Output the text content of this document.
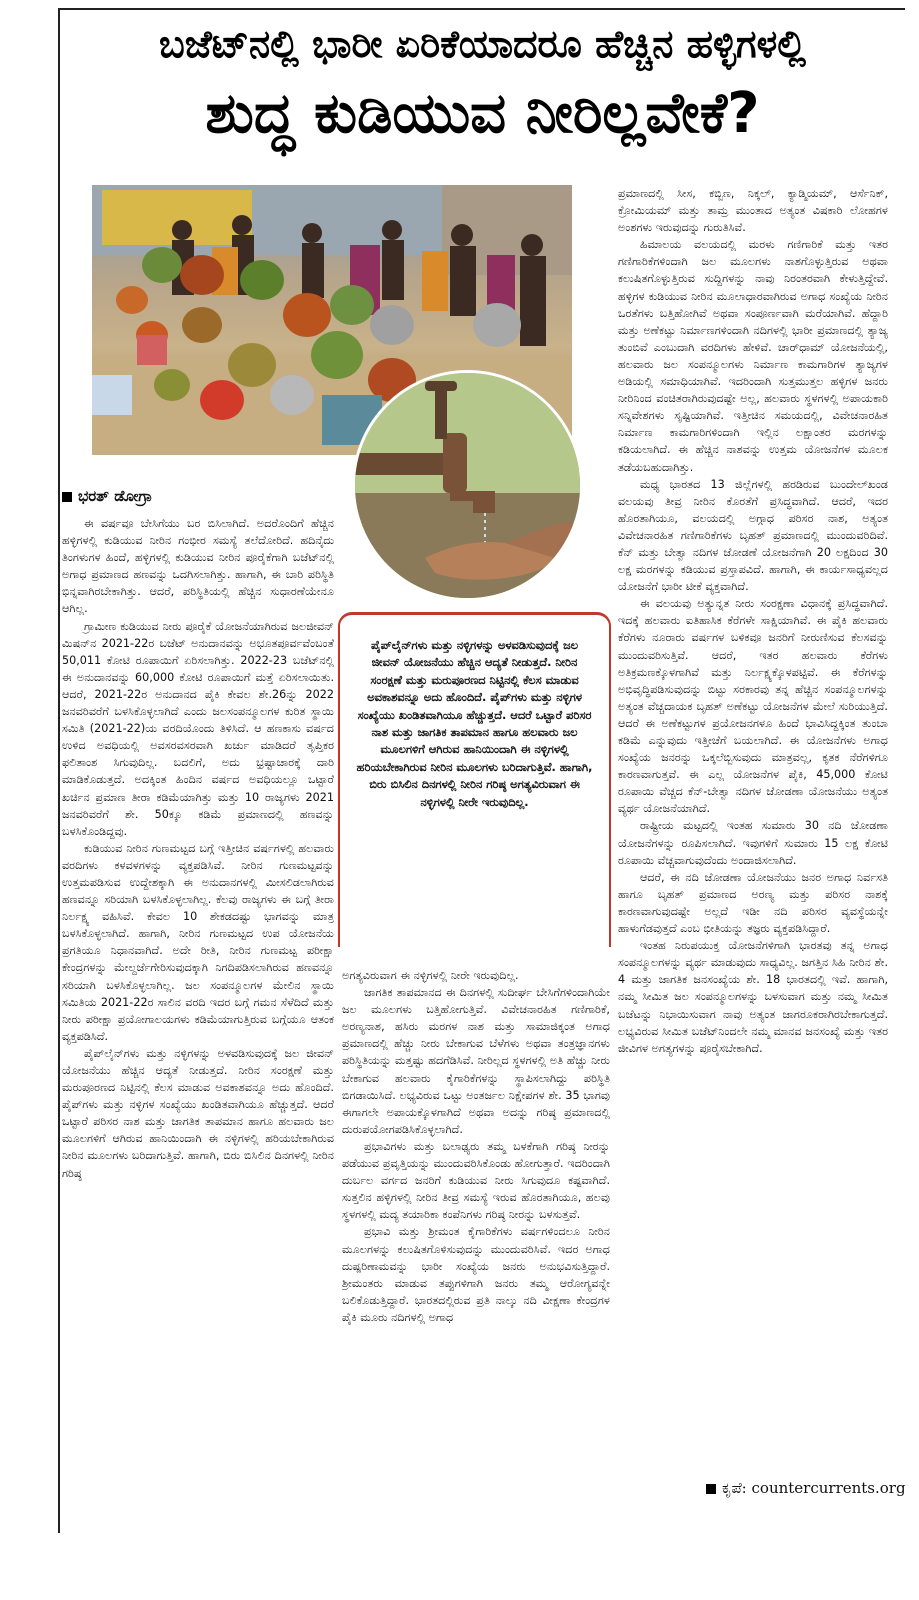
ಬಜೆಟ್‌ನಲ್ಲಿ ಭಾರೀ ಏರಿಕೆಯಾದರೂ ಹೆಚ್ಚಿನ ಹಳ್ಳಿಗಳಲ್ಲಿ
ಶುದ್ಧ ಕುಡಿಯುವ ನೀರಿಲ್ಲವೇಕೆ?
ಭರತ್ ಡೋಗ್ರಾ

ಈ ವರ್ಷವೂ ಬೇಸಿಗೆಯು ಬರ ಬಿಸಿಲಾಗಿದೆ. ಅದರೊಂದಿಗೆ ಹೆಚ್ಚಿನ ಹಳ್ಳಿಗಳಲ್ಲಿ ಕುಡಿಯುವ ನೀರಿನ ಗಂಭೀರ ಸಮಸ್ಯೆ ತಲೆದೋರಿದೆ. ಹದಿನೈದು ತಿಂಗಳುಗಳ ಹಿಂದೆ, ಹಳ್ಳಿಗಳಲ್ಲಿ ಕುಡಿಯುವ ನೀರಿನ ಪೂರೈಕೆಗಾಗಿ ಬಜೆಟ್‌ನಲ್ಲಿ ಅಗಾಧ ಪ್ರಮಾಣದ ಹಣವನ್ನು ಒದಗಿಸಲಾಗಿತ್ತು. ಹಾಗಾಗಿ, ಈ ಬಾರಿ ಪರಿಸ್ಥಿತಿ ಭಿನ್ನವಾಗಿರಬೇಕಾಗಿತ್ತು. ಆದರೆ, ಪರಿಸ್ಥಿತಿಯಲ್ಲಿ ಹೆಚ್ಚಿನ ಸುಧಾರಣೆಯೇನೂ ಆಗಿಲ್ಲ.

ಗ್ರಾಮೀಣ ಕುಡಿಯುವ ನೀರು ಪೂರೈಕೆ ಯೋಜನೆಯಾಗಿರುವ ಜಲಜೀವನ್ ಮಿಷನ್‌ನ 2021-22ರ ಬಜೆಟ್ ಅನುದಾನವನ್ನು ಅಭೂತಪೂರ್ವವೆಂಬಂತೆ 50,011 ಕೋಟಿ ರೂಪಾಯಿಗೆ ಏರಿಸಲಾಗಿತ್ತು. 2022-23 ಬಜೆಟ್‌ನಲ್ಲಿ ಈ ಅನುದಾನವನ್ನು 60,000 ಕೋಟಿ ರೂಪಾಯಿಗೆ ಮತ್ತೆ ಏರಿಸಲಾಯಿತು. ಆದರೆ, 2021-22ರ ಅನುದಾನದ ಪೈಕಿ ಕೇವಲ ಶೇ.26ನ್ನು 2022 ಜನವರಿವರೆಗೆ ಬಳಸಿಕೊಳ್ಳಲಾಗಿದೆ ಎಂದು ಜಲಸಂಪನ್ಮೂಲಗಳ ಕುರಿತ ಸ್ಥಾಯಿ ಸಮಿತಿ (2021-22)ಯ ವರದಿಯೊಂದು ತಿಳಿಸಿದೆ. ಆ ಹಣಕಾಸು ವರ್ಷದ ಉಳಿದ ಅವಧಿಯಲ್ಲಿ ಅವಸರವಸರವಾಗಿ ಖರ್ಚು ಮಾಡಿದರೆ ತೃಪ್ತಿಕರ ಫಲಿತಾಂಶ ಸಿಗುವುದಿಲ್ಲ. ಬದಲಿಗೆ, ಅದು ಭ್ರಷ್ಟಾಚಾರಕ್ಕೆ ದಾರಿ ಮಾಡಿಕೊಡುತ್ತದೆ. ಅದಕ್ಕಿಂತ ಹಿಂದಿನ ವರ್ಷದ ಅವಧಿಯಲ್ಲೂ ಒಟ್ಟಾರೆ ಖರ್ಚಿನ ಪ್ರಮಾಣ ತೀರಾ ಕಡಿಮೆಯಾಗಿತ್ತು ಮತ್ತು 10 ರಾಜ್ಯಗಳು 2021 ಜನವರಿವರೆಗೆ ಶೇ. 50ಕ್ಕೂ ಕಡಿಮೆ ಪ್ರಮಾಣದಲ್ಲಿ ಹಣವನ್ನು ಬಳಸಿಕೊಂಡಿದ್ದವು.

ಕುಡಿಯುವ ನೀರಿನ ಗುಣಮಟ್ಟದ ಬಗ್ಗೆ ಇತ್ತೀಚಿನ ವರ್ಷಗಳಲ್ಲಿ ಹಲವಾರು ವರದಿಗಳು ಕಳವಳಗಳನ್ನು ವ್ಯಕ್ತಪಡಿಸಿವೆ. ನೀರಿನ ಗುಣಮಟ್ಟವನ್ನು ಉತ್ತಮಪಡಿಸುವ ಉದ್ದೇಶಕ್ಕಾಗಿ ಈ ಅನುದಾನಗಳಲ್ಲಿ ಮೀಸಲಿಡಲಾಗಿರುವ ಹಣವನ್ನೂ ಸರಿಯಾಗಿ ಬಳಸಿಕೊಳ್ಳಲಾಗಿಲ್ಲ. ಕೆಲವು ರಾಜ್ಯಗಳು ಈ ಬಗ್ಗೆ ತೀರಾ ನಿರ್ಲಕ್ಷ್ಯ ವಹಿಸಿವೆ. ಕೇವಲ 10 ಶೇಕಡದಷ್ಟು ಭಾಗವನ್ನು ಮಾತ್ರ ಬಳಸಿಕೊಳ್ಳಲಾಗಿದೆ. ಹಾಗಾಗಿ, ನೀರಿನ ಗುಣಮಟ್ಟದ ಉಪ ಯೋಜನೆಯ ಪ್ರಗತಿಯೂ ನಿಧಾನವಾಗಿದೆ. ಅದೇ ರೀತಿ, ನೀರಿನ ಗುಣಮಟ್ಟ ಪರೀಕ್ಷಾ ಕೇಂದ್ರಗಳನ್ನು ಮೇಲ್ದರ್ಜೆಗೇರಿಸುವುದಕ್ಕಾಗಿ ನಿಗದಿಪಡಿಸಲಾಗಿರುವ ಹಣವನ್ನೂ ಸರಿಯಾಗಿ ಬಳಸಿಕೊಳ್ಳಲಾಗಿಲ್ಲ. ಜಲ ಸಂಪನ್ಮೂಲಗಳ ಮೇಲಿನ ಸ್ಥಾಯಿ ಸಮಿತಿಯ 2021-22ರ ಸಾಲಿನ ವರದಿ ಇದರ ಬಗ್ಗೆ ಗಮನ ಸೆಳೆದಿದೆ ಮತ್ತು ನೀರು ಪರೀಕ್ಷಾ ಪ್ರಯೋಗಾಲಯಗಳು ಕಡಿಮೆಯಾಗುತ್ತಿರುವ ಬಗ್ಗೆಯೂ ಆತಂಕ ವ್ಯಕ್ತಪಡಿಸಿದೆ.

ಪೈಪ್‌ಲೈನ್‌ಗಳು ಮತ್ತು ನಳ್ಳಿಗಳನ್ನು ಅಳವಡಿಸುವುದಕ್ಕೆ ಜಲ ಜೀವನ್ ಯೋಜನೆಯು ಹೆಚ್ಚಿನ ಆದ್ಯತೆ ನೀಡುತ್ತದೆ. ನೀರಿನ ಸಂರಕ್ಷಣೆ ಮತ್ತು ಮರುಪೂರಣದ ನಿಟ್ಟಿನಲ್ಲಿ ಕೆಲಸ ಮಾಡುವ ಅವಕಾಶವನ್ನೂ ಅದು ಹೊಂದಿದೆ. ಪೈಪ್‌ಗಳು ಮತ್ತು ನಳ್ಳಿಗಳ ಸಂಖ್ಯೆಯು ಖಂಡಿತವಾಗಿಯೂ ಹೆಚ್ಚುತ್ತದೆ. ಆದರೆ ಒಟ್ಟಾರೆ ಪರಿಸರ ನಾಶ ಮತ್ತು ಜಾಗತಿಕ ತಾಪಮಾನ ಹಾಗೂ ಹಲವಾರು ಜಲ ಮೂಲಗಳಿಗೆ ಆಗಿರುವ ಹಾನಿಯಿಂದಾಗಿ ಈ ನಳ್ಳಿಗಳಲ್ಲಿ ಹರಿಯಬೇಕಾಗಿರುವ ನೀರಿನ ಮೂಲಗಳು ಬರಿದಾಗುತ್ತಿವೆ. ಹಾಗಾಗಿ, ಬಿರು ಬಿಸಿಲಿನ ದಿನಗಳಲ್ಲಿ ನೀರಿನ ಗರಿಷ್ಠ

ಪೈಪ್‌ಲೈನ್‌ಗಳು ಮತ್ತು ನಳ್ಳಿಗಳನ್ನು ಅಳವಡಿಸುವುದಕ್ಕೆ ಜಲ ಜೀವನ್ ಯೋಜನೆಯು ಹೆಚ್ಚಿನ ಆದ್ಯತೆ ನೀಡುತ್ತದೆ. ನೀರಿನ ಸಂರಕ್ಷಣೆ ಮತ್ತು ಮರುಪೂರಣದ ನಿಟ್ಟಿನಲ್ಲಿ ಕೆಲಸ ಮಾಡುವ ಅವಕಾಶವನ್ನೂ ಅದು ಹೊಂದಿದೆ. ಪೈಪ್‌ಗಳು ಮತ್ತು ನಳ್ಳಿಗಳ ಸಂಖ್ಯೆಯು ಖಂಡಿತವಾಗಿಯೂ ಹೆಚ್ಚುತ್ತದೆ. ಆದರೆ ಒಟ್ಟಾರೆ ಪರಿಸರ ನಾಶ ಮತ್ತು ಜಾಗತಿಕ ತಾಪಮಾನ ಹಾಗೂ ಹಲವಾರು ಜಲ ಮೂಲಗಳಿಗೆ ಆಗಿರುವ ಹಾನಿಯಿಂದಾಗಿ ಈ ನಳ್ಳಿಗಳಲ್ಲಿ ಹರಿಯಬೇಕಾಗಿರುವ ನೀರಿನ ಮೂಲಗಳು ಬರಿದಾಗುತ್ತಿವೆ. ಹಾಗಾಗಿ, ಬಿರು ಬಿಸಿಲಿನ ದಿನಗಳಲ್ಲಿ ನೀರಿನ ಗರಿಷ್ಠ ಅಗತ್ಯವಿರುವಾಗ ಈ ನಳ್ಳಿಗಳಲ್ಲಿ ನೀರೇ ಇರುವುದಿಲ್ಲ.

ಅಗತ್ಯವಿರುವಾಗ ಈ ನಳ್ಳಿಗಳಲ್ಲಿ ನೀರೇ ಇರುವುದಿಲ್ಲ.

ಜಾಗತಿಕ ತಾಪಮಾನದ ಈ ದಿನಗಳಲ್ಲಿ ಸುದೀರ್ಘ ಬೇಸಿಗೆಗಳಿಂದಾಗಿಯೇ ಜಲ ಮೂಲಗಳು ಬತ್ತಿಹೋಗುತ್ತಿವೆ. ವಿವೇಚನಾರಹಿತ ಗಣಿಗಾರಿಕೆ, ಅರಣ್ಯನಾಶ, ಹಸಿರು ಮರಗಳ ನಾಶ ಮತ್ತು ಸಾಮಾಜಿಕ್ಕಂತ ಅಗಾಧ ಪ್ರಮಾಣದಲ್ಲಿ ಹೆಚ್ಚು ನೀರು ಬೇಕಾಗುವ ಬೆಳೆಗಳು ಅಥವಾ ತಂತ್ರಜ್ಞಾನಗಳು ಪರಿಸ್ಥಿತಿಯನ್ನು ಮತ್ತಷ್ಟು ಹದಗೆಡಿಸಿವೆ. ನೀರಿಲ್ಲದ ಸ್ಥಳಗಳಲ್ಲಿ ಅತಿ ಹೆಚ್ಚು ನೀರು ಬೇಕಾಗುವ ಹಲವಾರು ಕೈಗಾರಿಕೆಗಳನ್ನು ಸ್ಥಾಪಿಸಲಾಗಿದ್ದು ಪರಿಸ್ಥಿತಿ ಬಿಗಡಾಯಿಸಿದೆ. ಲಭ್ಯವಿರುವ ಒಟ್ಟು ಅಂತರ್ಜಲ ನಿಕ್ಷೇಪಗಳ ಶೇ. 35 ಭಾಗವು ಈಗಾಗಲೇ ಅಪಾಯಕ್ಕೊಳಗಾಗಿದೆ ಅಥವಾ ಅದನ್ನು ಗರಿಷ್ಠ ಪ್ರಮಾಣದಲ್ಲಿ ದುರುಪಯೋಗಪಡಿಸಿಕೊಳ್ಳಲಾಗಿದೆ.

ಪ್ರಭಾವಿಗಳು ಮತ್ತು ಬಲಾಢ್ಯರು ತಮ್ಮ ಬಳಕೆಗಾಗಿ ಗರಿಷ್ಠ ನೀರನ್ನು ಪಡೆಯುವ ಪ್ರವೃತ್ತಿಯನ್ನು ಮುಂದುವರಿಸಿಕೊಂಡು ಹೋಗುತ್ತಾರೆ. ಇದರಿಂದಾಗಿ ದುರ್ಬಲ ವರ್ಗದ ಜನರಿಗೆ ಕುಡಿಯುವ ನೀರು ಸಿಗುವುದೂ ಕಷ್ಟವಾಗಿದೆ. ಸುತ್ತಲಿನ ಹಳ್ಳಿಗಳಲ್ಲಿ ನೀರಿನ ತೀವ್ರ ಸಮಸ್ಯೆ ಇರುವ ಹೊರತಾಗಿಯೂ, ಹಲವು ಸ್ಥಳಗಳಲ್ಲಿ ಮದ್ಯ ತಯಾರಿಕಾ ಕಂಪೆನಿಗಳು ಗರಿಷ್ಠ ನೀರನ್ನು ಬಳಸುತ್ತವೆ.

ಪ್ರಭಾವಿ ಮತ್ತು ಶ್ರೀಮಂತ ಕೈಗಾರಿಕೆಗಳು ವರ್ಷಗಳಿಂದಲೂ ನೀರಿನ ಮೂಲಗಳನ್ನು ಕಲುಷಿತಗೊಳಿಸುವುದನ್ನು ಮುಂದುವರಿಸಿವೆ. ಇದರ ಅಗಾಧ ದುಷ್ಪರಿಣಾಮವನ್ನು ಭಾರೀ ಸಂಖ್ಯೆಯ ಜನರು ಅನುಭವಿಸುತ್ತಿದ್ದಾರೆ. ಶ್ರೀಮಂತರು ಮಾಡುವ ತಪ್ಪುಗಳಿಗಾಗಿ ಜನರು ತಮ್ಮ ಆರೋಗ್ಯವನ್ನೇ ಬಲಿಕೊಡುತ್ತಿದ್ದಾರೆ. ಭಾರತದಲ್ಲಿರುವ ಪ್ರತಿ ನಾಲ್ಕು ನದಿ ವೀಕ್ಷಣಾ ಕೇಂದ್ರಗಳ ಪೈಕಿ ಮೂರು ನದಿಗಳಲ್ಲಿ ಅಗಾಧ

ಪ್ರಮಾಣದಲ್ಲಿ ಸೀಸ, ಕಬ್ಬಿಣ, ನಿಕ್ಕಲ್, ಕ್ಯಾಡ್ಮಿಯಮ್, ಆರ್ಸೆನಿಕ್, ಕ್ರೋಮಿಯಮ್ ಮತ್ತು ತಾಮ್ರ ಮುಂತಾದ ಅತ್ಯಂತ ವಿಷಕಾರಿ ಲೋಹಗಳ ಅಂಶಗಳು ಇರುವುದನ್ನು ಗುರುತಿಸಿವೆ.

ಹಿಮಾಲಯ ವಲಯದಲ್ಲಿ ಮರಳು ಗಣಿಗಾರಿಕೆ ಮತ್ತು ಇತರ ಗಣಿಗಾರಿಕೆಗಳಿಂದಾಗಿ ಜಲ ಮೂಲಗಳು ನಾಶಗೊಳ್ಳುತ್ತಿರುವ ಅಥವಾ ಕಲುಷಿತಗೊಳ್ಳುತ್ತಿರುವ ಸುದ್ದಿಗಳನ್ನು ನಾವು ನಿರಂತರವಾಗಿ ಕೇಳುತ್ತಿದ್ದೇವೆ. ಹಳ್ಳಿಗಳ ಕುಡಿಯುವ ನೀರಿನ ಮೂಲಾಧಾರವಾಗಿರುವ ಅಗಾಧ ಸಂಖ್ಯೆಯ ನೀರಿನ ಒರತೆಗಳು ಬತ್ತಿಹೋಗಿವೆ ಅಥವಾ ಸಂಪೂರ್ಣವಾಗಿ ಮರೆಯಾಗಿವೆ. ಹೆದ್ದಾರಿ ಮತ್ತು ಅಣೆಕಟ್ಟು ನಿರ್ಮಾಣಗಳಿಂದಾಗಿ ನದಿಗಳಲ್ಲಿ ಭಾರೀ ಪ್ರಮಾಣದಲ್ಲಿ ತ್ಯಾಜ್ಯ ತುಂಬಿವೆ ಎಂಬುದಾಗಿ ವರದಿಗಳು ಹೇಳಿವೆ. ಚಾರ್‌ಧಾಮ್ ಯೋಜನೆಯಲ್ಲಿ, ಹಲವಾರು ಜಲ ಸಂಪನ್ಮೂಲಗಳು ನಿರ್ಮಾಣ ಕಾಮಗಾರಿಗಳ ತ್ಯಾಜ್ಯಗಳ ಅಡಿಯಲ್ಲಿ ಸಮಾಧಿಯಾಗಿವೆ. ಇದರಿಂದಾಗಿ ಸುತ್ತಮುತ್ತಲ ಹಳ್ಳಿಗಳ ಜನರು ನೀರಿನಿಂದ ವಂಚಿತರಾಗಿರುವುದಷ್ಟೇ ಅಲ್ಲ, ಹಲವಾರು ಸ್ಥಳಗಳಲ್ಲಿ ಅಪಾಯಕಾರಿ ಸನ್ನಿವೇಶಗಳು ಸೃಷ್ಟಿಯಾಗಿವೆ. ಇತ್ತೀಚಿನ ಸಮಯದಲ್ಲಿ, ವಿವೇಚನಾರಹಿತ ನಿರ್ಮಾಣ ಕಾಮಗಾರಿಗಳಿಂದಾಗಿ ಇಲ್ಲಿನ ಲಕ್ಷಾಂತರ ಮರಗಳನ್ನು ಕಡಿಯಲಾಗಿದೆ. ಈ ಹೆಚ್ಚಿನ ನಾಶವನ್ನು ಉತ್ತಮ ಯೋಜನೆಗಳ ಮೂಲಕ ತಡೆಯಬಹುದಾಗಿತ್ತು.

ಮಧ್ಯ ಭಾರತದ 13 ಜಿಲ್ಲೆಗಳಲ್ಲಿ ಹರಡಿರುವ ಬುಂದೇಲ್‌ಖಂಡ ವಲಯವು ತೀವ್ರ ನೀರಿನ ಕೊರತೆಗೆ ಪ್ರಸಿದ್ಧವಾಗಿದೆ. ಆದರೆ, ಇದರ ಹೊರತಾಗಿಯೂ, ವಲಯದಲ್ಲಿ ಅಗ್ಗಾಧ ಪರಿಸರ ನಾಶ, ಅತ್ಯಂತ ವಿವೇಚನಾರಹಿತ ಗಣಿಗಾರಿಕೆಗಳು ಬೃಹತ್ ಪ್ರಮಾಣದಲ್ಲಿ ಮುಂದುವರಿದಿವೆ. ಕೆನ್ ಮತ್ತು ಬೇತ್ವಾ ನದಿಗಳ ಜೋಡಣೆ ಯೋಜನೆಗಾಗಿ 20 ಲಕ್ಷದಿಂದ 30 ಲಕ್ಷ ಮರಗಳನ್ನು ಕಡಿಯುವ ಪ್ರಸ್ತಾಪವಿದೆ. ಹಾಗಾಗಿ, ಈ ಕಾರ್ಯಸಾಧ್ಯವಲ್ಲದ ಯೋಜನೆಗೆ ಭಾರೀ ಟೀಕೆ ವ್ಯಕ್ತವಾಗಿದೆ.

ಈ ವಲಯವು ಅತ್ಯುನ್ನತ ನೀರು ಸಂರಕ್ಷಣಾ ವಿಧಾನಕ್ಕೆ ಪ್ರಸಿದ್ಧವಾಗಿದೆ. ಇದಕ್ಕೆ ಹಲವಾರು ಐತಿಹಾಸಿಕ ಕೆರೆಗಳೇ ಸಾಕ್ಷಿಯಾಗಿವೆ. ಈ ಪೈಕಿ ಹಲವಾರು ಕೆರೆಗಳು ನೂರಾರು ವರ್ಷಗಳ ಬಳಿಕವೂ ಜನರಿಗೆ ನೀರುಣಿಸುವ ಕೆಲಸವನ್ನು ಮುಂದುವರಿಸುತ್ತಿವೆ. ಆದರೆ, ಇತರ ಹಲವಾರು ಕೆರೆಗಳು ಅತಿಕ್ರಮಣಕ್ಕೊಳಗಾಗಿವೆ ಮತ್ತು ನಿರ್ಲಕ್ಷ್ಯಕ್ಕೊಳಪಟ್ಟಿವೆ. ಈ ಕೆರೆಗಳನ್ನು ಅಭಿವೃದ್ಧಿಪಡಿಸುವುದನ್ನು ಬಿಟ್ಟು ಸರಕಾರವು ತನ್ನ ಹೆಚ್ಚಿನ ಸಂಪನ್ಮೂಲಗಳನ್ನು ಅತ್ಯಂತ ವೆಚ್ಚದಾಯಕ ಬೃಹತ್ ಅಣೆಕಟ್ಟು ಯೋಜನೆಗಳ ಮೇಲೆ ಸುರಿಯುತ್ತಿದೆ. ಆದರೆ ಈ ಅಣೆಕಟ್ಟುಗಳ ಪ್ರಯೋಜನಗಳೂ ಹಿಂದೆ ಭಾವಿಸಿದ್ದಕ್ಕಿಂತ ತುಂಬಾ ಕಡಿಮೆ ಎನ್ನುವುದು ಇತ್ತೀಚೆಗೆ ಬಯಲಾಗಿದೆ. ಈ ಯೋಜನೆಗಳು ಅಗಾಧ ಸಂಖ್ಯೆಯ ಜನರನ್ನು ಒಕ್ಕಲೆಬ್ಬಿಸುವುದು ಮಾತ್ರವಲ್ಲ, ಕೃತಕ ನೆರೆಗಳಿಗೂ ಕಾರಣವಾಗುತ್ತವೆ. ಈ ಎಲ್ಲ ಯೋಜನೆಗಳ ಪೈಕಿ, 45,000 ಕೋಟಿ ರೂಪಾಯಿ ವೆಚ್ಚದ ಕೆನ್-ಬೇತ್ವಾ ನದಿಗಳ ಜೋಡಣಾ ಯೋಜನೆಯು ಅತ್ಯಂತ ವ್ಯರ್ಥ ಯೋಜನೆಯಾಗಿದೆ.

ರಾಷ್ಟ್ರೀಯ ಮಟ್ಟದಲ್ಲಿ ಇಂತಹ ಸುಮಾರು 30 ನದಿ ಜೋಡಣಾ ಯೋಜನೆಗಳನ್ನು ರೂಪಿಸಲಾಗಿದೆ. ಇವುಗಳಿಗೆ ಸುಮಾರು 15 ಲಕ್ಷ ಕೋಟಿ ರೂಪಾಯಿ ವೆಚ್ಚವಾಗುವುದೆಂದು ಅಂದಾಜಿಸಲಾಗಿದೆ.

ಆದರೆ, ಈ ನದಿ ಜೋಡಣಾ ಯೋಜನೆಯು ಜನರ ಅಗಾಧ ನಿರ್ವಸತಿ ಹಾಗೂ ಬೃಹತ್ ಪ್ರಮಾಣದ ಅರಣ್ಯ ಮತ್ತು ಪರಿಸರ ನಾಶಕ್ಕೆ ಕಾರಣವಾಗುವುದಷ್ಟೇ ಅಲ್ಲದೆ ಇಡೀ ನದಿ ಪರಿಸರ ವ್ಯವಸ್ಥೆಯನ್ನೇ ಹಾಳುಗೆಡವುತ್ತದೆ ಎಂಬ ಭೀತಿಯನ್ನು ತಜ್ಞರು ವ್ಯಕ್ತಪಡಿಸಿದ್ದಾರೆ.

ಇಂತಹ ನಿರುಪಯುಕ್ತ ಯೋಜನೆಗಳಿಗಾಗಿ ಭಾರತವು ತನ್ನ ಅಗಾಧ ಸಂಪನ್ಮೂಲಗಳನ್ನು ವ್ಯರ್ಥ ಮಾಡುವುದು ಸಾಧ್ಯವಿಲ್ಲ. ಜಗತ್ತಿನ ಸಿಹಿ ನೀರಿನ ಶೇ. 4 ಮತ್ತು ಜಾಗತಿಕ ಜನಸಂಖ್ಯೆಯ ಶೇ. 18 ಭಾರತದಲ್ಲಿ ಇವೆ. ಹಾಗಾಗಿ, ನಮ್ಮ ಸೀಮಿತ ಜಲ ಸಂಪನ್ಮೂಲಗಳನ್ನು ಬಳಸುವಾಗ ಮತ್ತು ನಮ್ಮ ಸೀಮಿತ ಬಜೆಟನ್ನು ನಿಭಾಯಿಸುವಾಗ ನಾವು ಅತ್ಯಂತ ಜಾಗರೂಕರಾಗಿರಬೇಕಾಗುತ್ತದೆ. ಲಭ್ಯವಿರುವ ಸೀಮಿತ ಬಜೆಟ್‌ನಿಂದಲೇ ನಮ್ಮ ಮಾನವ ಜನಸಂಖ್ಯೆ ಮತ್ತು ಇತರ ಜೀವಿಗಳ ಅಗತ್ಯಗಳನ್ನು ಪೂರೈಸಬೇಕಾಗಿದೆ.

ಕೃಪೆ: countercurrents.org
